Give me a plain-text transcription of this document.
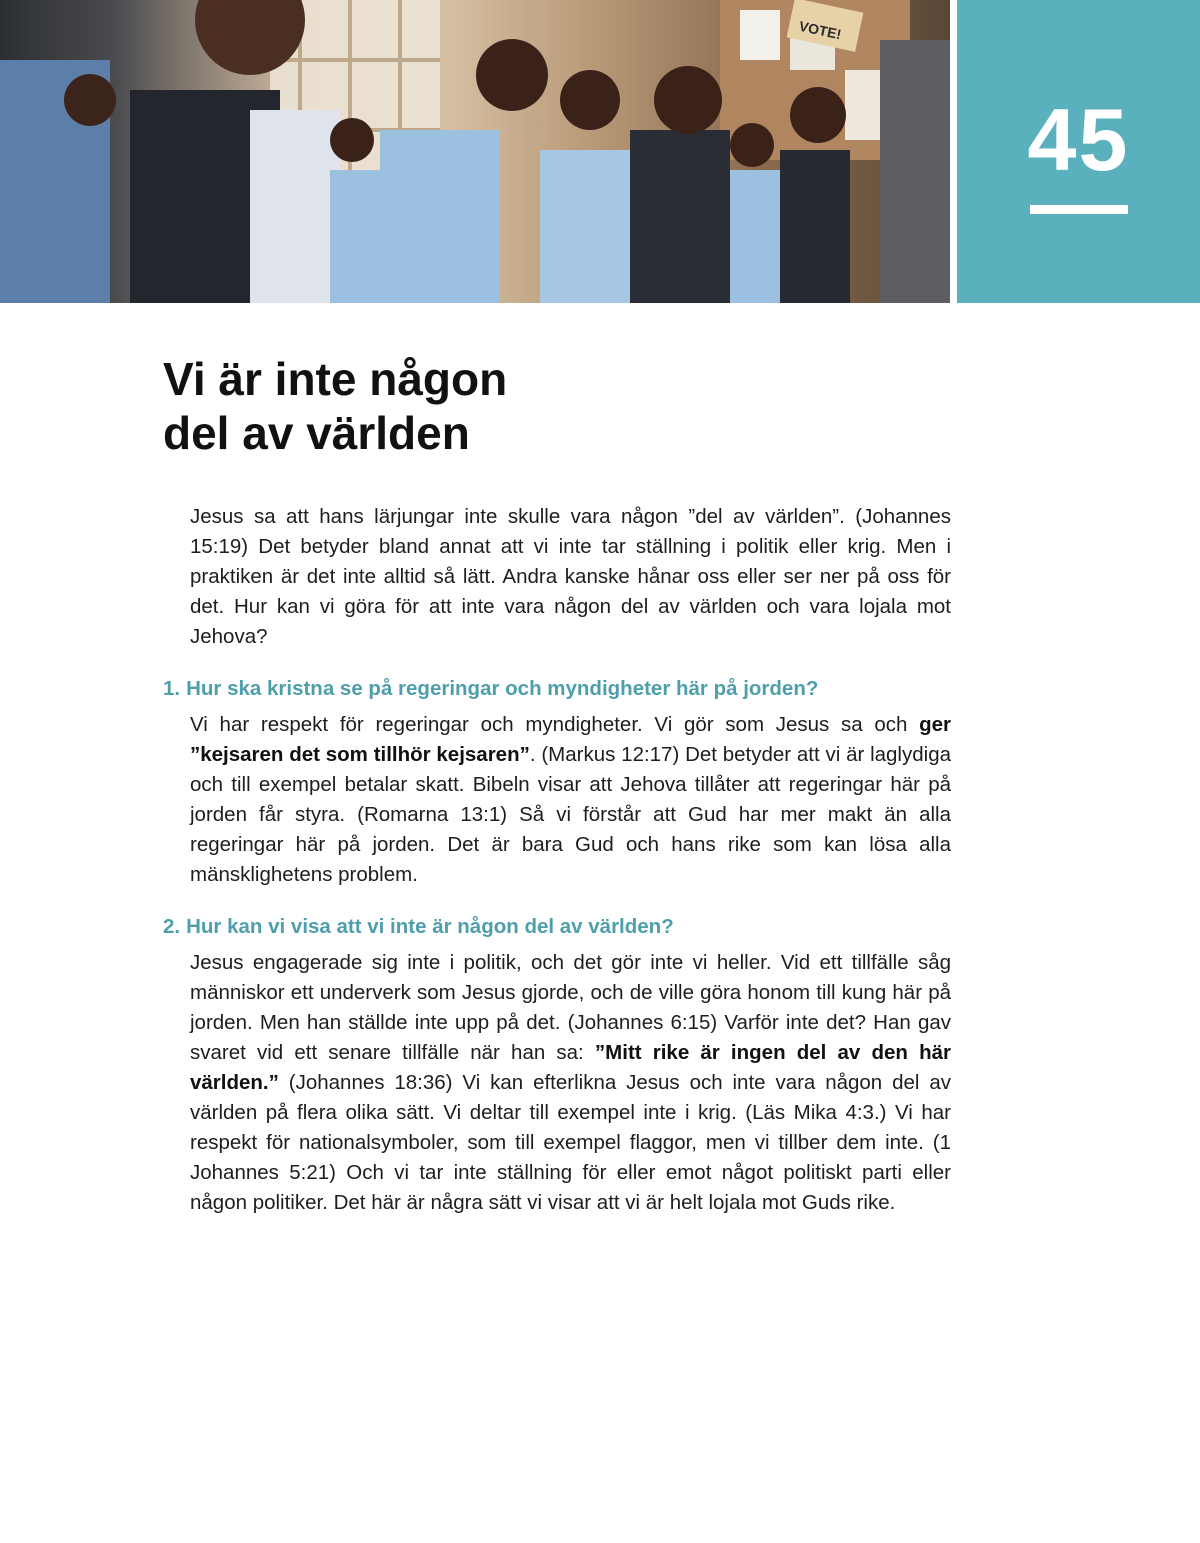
VOTE!
45
Vi är inte någon
del av världen

Jesus sa att hans lärjungar inte skulle vara någon ”del av världen”. (Johannes 15:19) Det betyder bland annat att vi inte tar ställning i politik eller krig. Men i praktiken är det inte alltid så lätt. Andra kanske hånar oss eller ser ner på oss för det. Hur kan vi göra för att inte vara någon del av världen och vara lojala mot Jehova?

1. Hur ska kristna se på regeringar och myndigheter här på jorden?

Vi har respekt för regeringar och myndigheter. Vi gör som Jesus sa och ger ”kejsaren det som tillhör kejsaren”. (Markus 12:17) Det betyder att vi är laglydiga och till exempel betalar skatt. Bibeln visar att Jehova tillåter att regeringar här på jorden får styra. (Romarna 13:1) Så vi förstår att Gud har mer makt än alla regeringar här på jorden. Det är bara Gud och hans rike som kan lösa alla mänsklighetens problem.

2. Hur kan vi visa att vi inte är någon del av världen?

Jesus engagerade sig inte i politik, och det gör inte vi heller. Vid ett tillfälle såg människor ett underverk som Jesus gjorde, och de ville göra honom till kung här på jorden. Men han ställde inte upp på det. (Johannes 6:15) Varför inte det? Han gav svaret vid ett senare tillfälle när han sa: ”Mitt rike är ingen del av den här världen.” (Johannes 18:36) Vi kan efterlikna Jesus och inte vara någon del av världen på flera olika sätt. Vi deltar till exempel inte i krig. (Läs Mika 4:3.) Vi har respekt för nationalsymboler, som till exempel flaggor, men vi tillber dem inte. (1 Johannes 5:21) Och vi tar inte ställning för eller emot något politiskt parti eller någon politiker. Det här är några sätt vi visar att vi är helt lojala mot Guds rike.
